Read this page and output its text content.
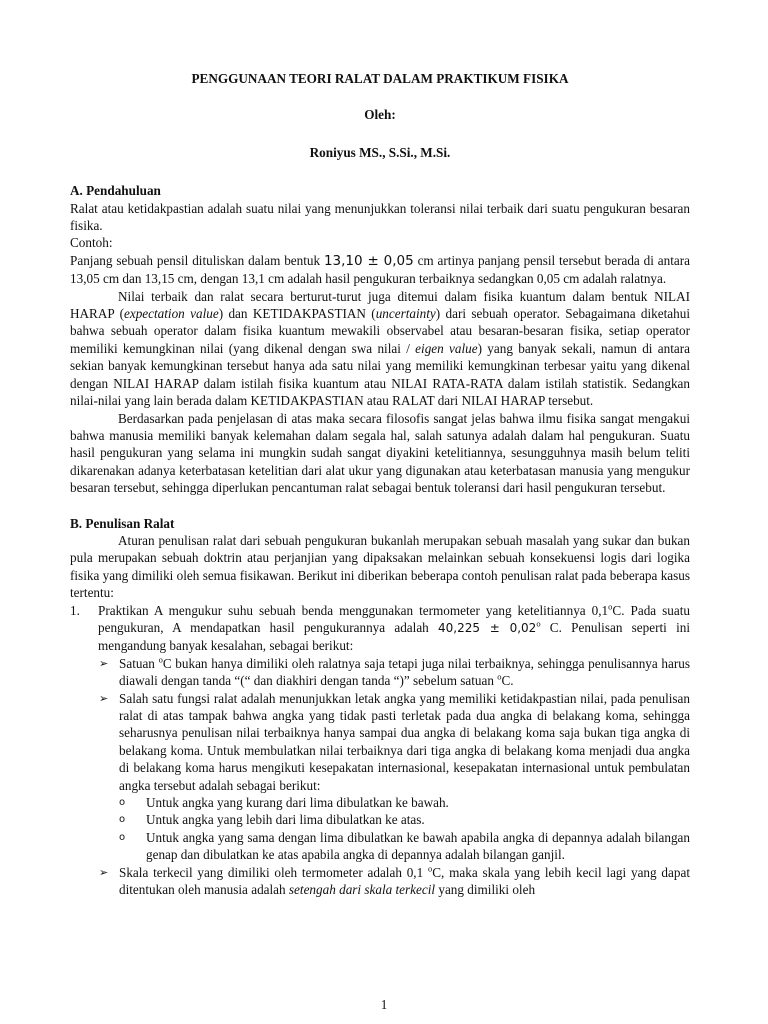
PENGGUNAAN TEORI RALAT DALAM PRAKTIKUM FISIKA

Oleh:

Roniyus MS., S.Si., M.Si.

A. Pendahuluan

Ralat atau ketidakpastian adalah suatu nilai yang menunjukkan toleransi nilai terbaik dari suatu pengukuran besaran fisika.

Contoh:

Panjang sebuah pensil dituliskan dalam bentuk 13,10 ± 0,05 cm artinya panjang pensil tersebut berada di antara 13,05 cm dan 13,15 cm, dengan 13,1 cm adalah hasil pengukuran terbaiknya sedangkan 0,05 cm adalah ralatnya.

Nilai terbaik dan ralat secara berturut-turut juga ditemui dalam fisika kuantum dalam bentuk NILAI HARAP (expectation value) dan KETIDAKPASTIAN (uncertainty) dari sebuah operator. Sebagaimana diketahui bahwa sebuah operator dalam fisika kuantum mewakili observabel atau besaran-besaran fisika, setiap operator memiliki kemungkinan nilai (yang dikenal dengan swa nilai / eigen value) yang banyak sekali, namun di antara sekian banyak kemungkinan tersebut hanya ada satu nilai yang memiliki kemungkinan terbesar yaitu yang dikenal dengan NILAI HARAP dalam istilah fisika kuantum atau NILAI RATA-RATA dalam istilah statistik. Sedangkan nilai-nilai yang lain berada dalam KETIDAKPASTIAN atau RALAT dari NILAI HARAP tersebut.

Berdasarkan pada penjelasan di atas maka secara filosofis sangat jelas bahwa ilmu fisika sangat mengakui bahwa manusia memiliki banyak kelemahan dalam segala hal, salah satunya adalah dalam hal pengukuran. Suatu hasil pengukuran yang selama ini mungkin sudah sangat diyakini ketelitiannya, sesungguhnya masih belum teliti dikarenakan adanya keterbatasan ketelitian dari alat ukur yang digunakan atau keterbatasan manusia yang mengukur besaran tersebut, sehingga diperlukan pencantuman ralat sebagai bentuk toleransi dari hasil pengukuran tersebut.

B. Penulisan Ralat

Aturan penulisan ralat dari sebuah pengukuran bukanlah merupakan sebuah masalah yang sukar dan bukan pula merupakan sebuah doktrin atau perjanjian yang dipaksakan melainkan sebuah konsekuensi logis dari logika fisika yang dimiliki oleh semua fisikawan. Berikut ini diberikan beberapa contoh penulisan ralat pada beberapa kasus tertentu:

1. Praktikan A mengukur suhu sebuah benda menggunakan termometer yang ketelitiannya 0,1$^o$C. Pada suatu pengukuran, A mendapatkan hasil pengukurannya adalah $40,225 \pm 0,02^o$ C. Penulisan seperti ini mengandung banyak kesalahan, sebagai berikut:

➢ Satuan $^o$C bukan hanya dimiliki oleh ralatnya saja tetapi juga nilai terbaiknya, sehingga penulisannya harus diawali dengan tanda “(“ dan diakhiri dengan tanda “)” sebelum satuan $^o$C.
➢ Salah satu fungsi ralat adalah menunjukkan letak angka yang memiliki ketidakpastian nilai, pada penulisan ralat di atas tampak bahwa angka yang tidak pasti terletak pada dua angka di belakang koma, sehingga seharusnya penulisan nilai terbaiknya hanya sampai dua angka di belakang koma saja bukan tiga angka di belakang koma. Untuk membulatkan nilai terbaiknya dari tiga angka di belakang koma menjadi dua angka di belakang koma harus mengikuti kesepakatan internasional, kesepakatan internasional untuk pembulatan angka tersebut adalah sebagai berikut:
o Untuk angka yang kurang dari lima dibulatkan ke bawah.
o Untuk angka yang lebih dari lima dibulatkan ke atas.
o Untuk angka yang sama dengan lima dibulatkan ke bawah apabila angka di depannya adalah bilangan genap dan dibulatkan ke atas apabila angka di depannya adalah bilangan ganjil.
➢ Skala terkecil yang dimiliki oleh termometer adalah 0,1 $^o$C, maka skala yang lebih kecil lagi yang dapat ditentukan oleh manusia adalah setengah dari skala terkecil yang dimiliki oleh
1
